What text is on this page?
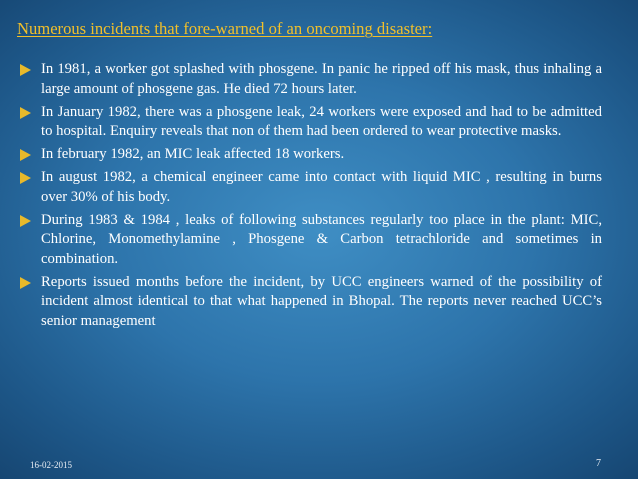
Numerous incidents that fore-warned of an oncoming disaster:
In 1981, a worker got splashed with phosgene. In panic he ripped off his mask, thus inhaling a large amount of phosgene gas. He died 72 hours later.
In January 1982, there was a phosgene leak, 24 workers were exposed and had to be admitted to hospital. Enquiry reveals that non of them had been ordered to wear protective masks.
In february 1982, an MIC leak affected 18 workers.
In august 1982, a chemical engineer came into contact with liquid MIC , resulting in burns over 30% of his body.
During 1983 & 1984 , leaks of following substances regularly too place in the plant: MIC, Chlorine, Monomethylamine , Phosgene & Carbon tetrachloride and sometimes in combination.
Reports issued months before the incident, by UCC engineers warned of the possibility of incident almost identical to that what happened in Bhopal. The reports never reached UCC’s senior management
16-02-2015	7
